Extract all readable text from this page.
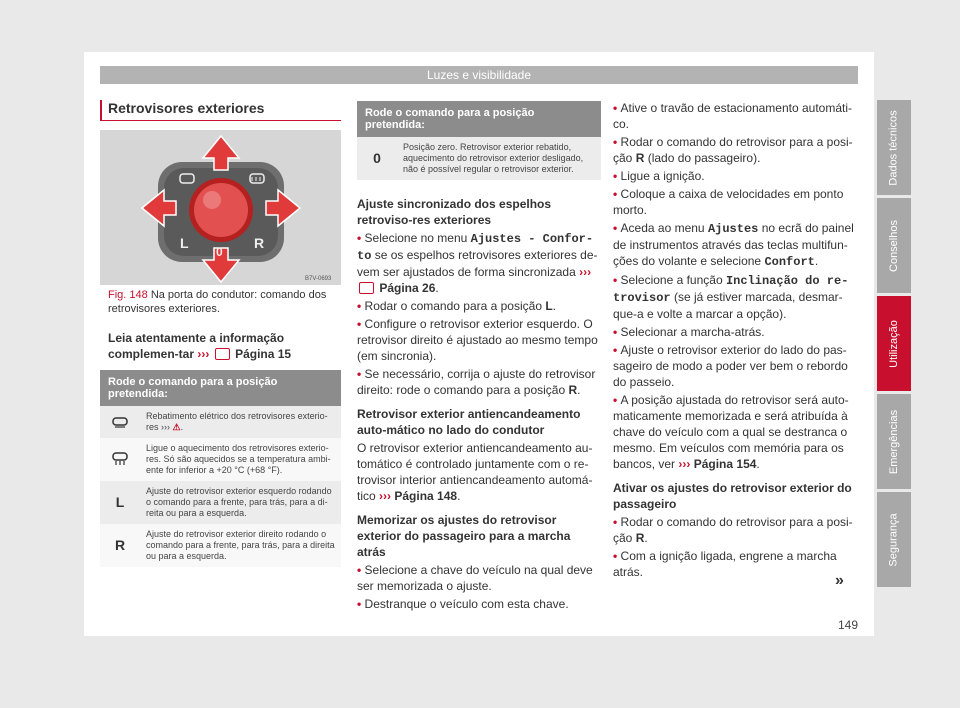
Luzes e visibilidade
Retrovisores exteriores
L
0
R
B7V-0693
Fig. 148 Na porta do condutor: comando dos retrovisores exteriores.
Leia atentamente a informação complemen-tar ››› Página 15
Rode o comando para a posição pretendida:	
	Rebatimento elétrico dos retrovisores exterio-res ››› ⚠.
	Ligue o aquecimento dos retrovisores exterio-res. Só são aquecidos se a temperatura ambi-ente for inferior a +20 °C (+68 °F).
L	Ajuste do retrovisor exterior esquerdo rodando o comando para a frente, para trás, para a di-reita ou para a esquerda.
R	Ajuste do retrovisor exterior direito rodando o comando para a frente, para trás, para a direita ou para a esquerda.
Rode o comando para a posição pretendida:
0	Posição zero. Retrovisor exterior rebatido, aquecimento do retrovisor exterior desligado, não é possível regular o retrovisor exterior.

Ajuste sincronizado dos espelhos retroviso-res exteriores

• Selecione no menu Ajustes - Confor-to se os espelhos retrovisores exteriores de-vem ser ajustados de forma sincronizada ›››  Página 26.

• Rodar o comando para a posição L.

• Configure o retrovisor exterior esquerdo. O retrovisor direito é ajustado ao mesmo tempo (em sincronia).

• Se necessário, corrija o ajuste do retrovisor direito: rode o comando para a posição R.

Retrovisor exterior antiencandeamento auto-mático no lado do condutor

O retrovisor exterior antiencandeamento au-tomático é controlado juntamente com o re-trovisor interior antiencandeamento automá-tico ››› Página 148.

Memorizar os ajustes do retrovisor exterior do passageiro para a marcha atrás

• Selecione a chave do veículo na qual deve ser memorizada o ajuste.

• Destranque o veículo com esta chave.

• Ative o travão de estacionamento automáti-co.

• Rodar o comando do retrovisor para a posi-ção R (lado do passageiro).

• Ligue a ignição.

• Coloque a caixa de velocidades em ponto morto.

• Aceda ao menu Ajustes no ecrã do painel de instrumentos através das teclas multifun-ções do volante e selecione Confort.

• Selecione a função Inclinação do re-trovisor (se já estiver marcada, desmar-que-a e volte a marcar a opção).

• Selecionar a marcha-atrás.

• Ajuste o retrovisor exterior do lado do pas-sageiro de modo a poder ver bem o rebordo do passeio.

• A posição ajustada do retrovisor será auto-maticamente memorizada e será atribuída à chave do veículo com a qual se destranca o mesmo. Em veículos com memória para os bancos, ver ››› Página 154.

Ativar os ajustes do retrovisor exterior do passageiro

• Rodar o comando do retrovisor para a posi-ção R.

• Com a ignição ligada, engrene a marcha atrás.	»
Dados técnicos
Conselhos
Utilização
Emergências
Segurança
149
